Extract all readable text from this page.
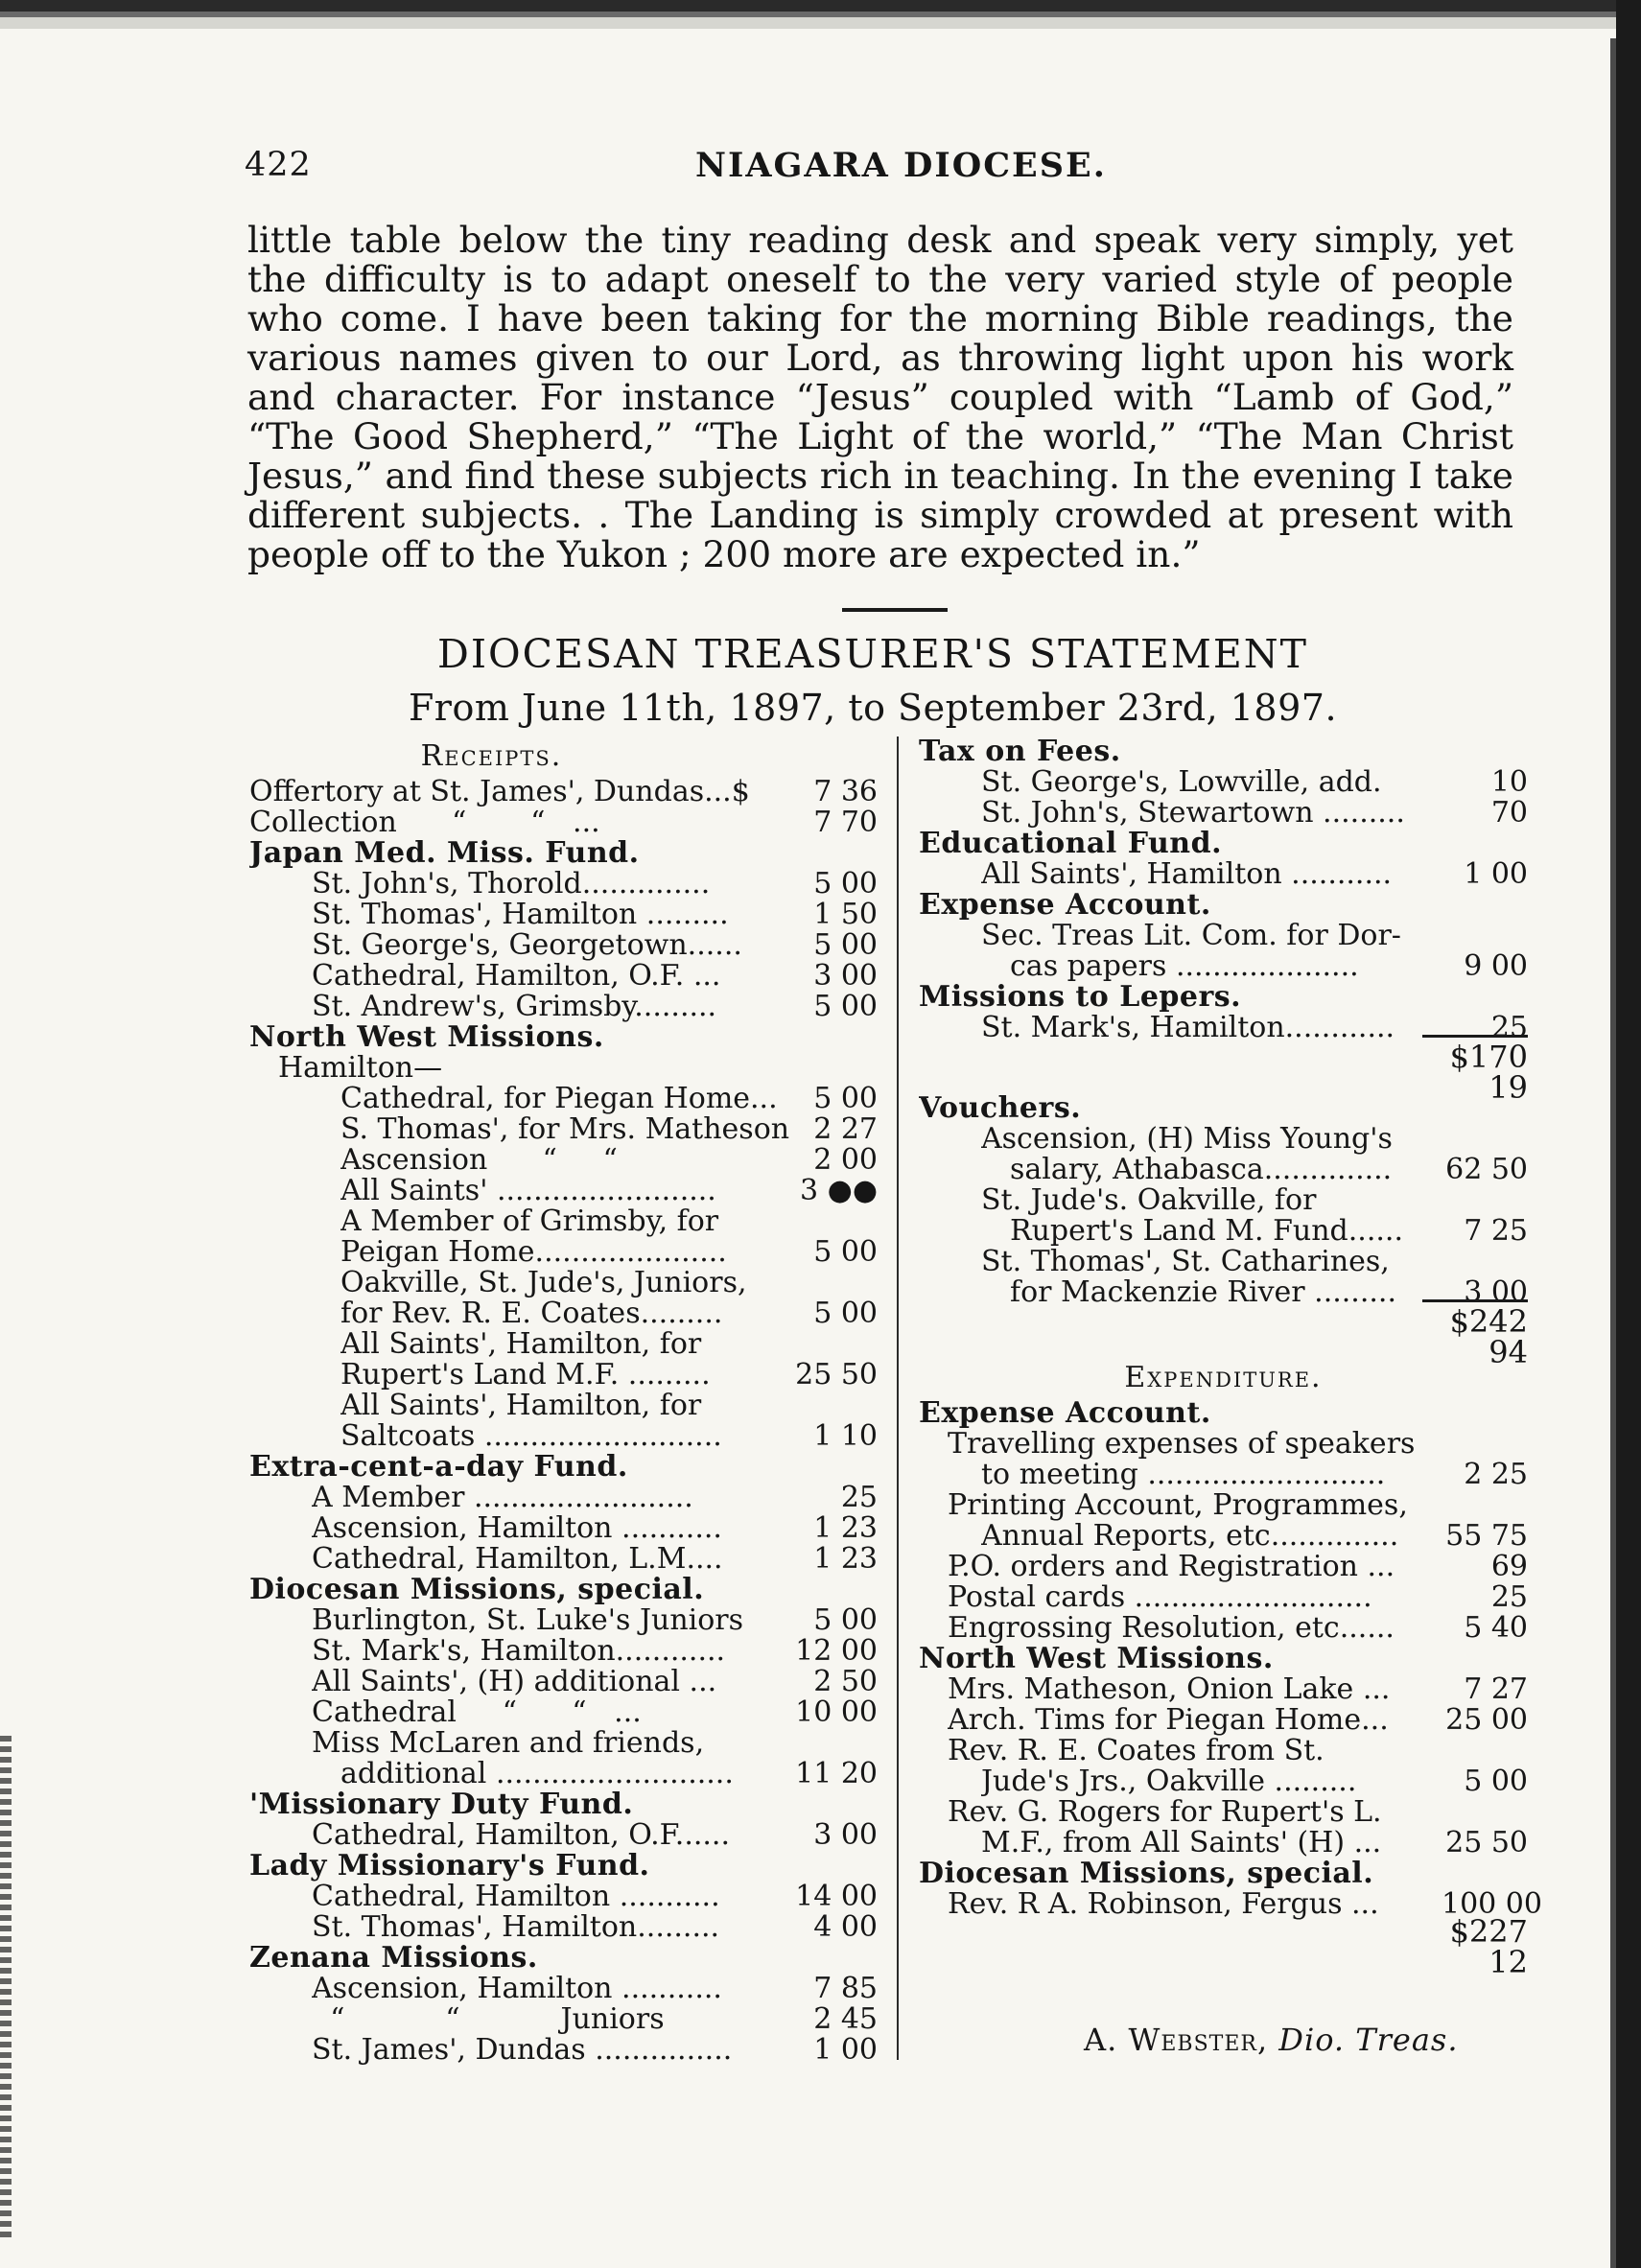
422	NIAGARA DIOCESE.
little table below the tiny reading desk and speak very simply, yet the difficulty is to adapt oneself to the very varied style of people who come. I have been taking for the morning Bible readings, the various names given to our Lord, as throwing light upon his work and character. For instance “Jesus” coupled with “Lamb of God,” “The Good Shepherd,” “The Light of the world,” “The Man Christ Jesus,” and find these subjects rich in teaching. In the evening I take different subjects. . The Landing is simply crowded at present with people off to the Yukon ; 200 more are expected in.”
DIOCESAN TREASURER'S STATEMENT
From June 11th, 1897, to September 23rd, 1897.
Receipts.
Offertory at St. James', Dundas...$	7 36
Collection      “       “   ...	7 70
Japan Med. Miss. Fund.
St. John's, Thorold..............	5 00
St. Thomas', Hamilton .........	1 50
St. George's, Georgetown......	5 00
Cathedral, Hamilton, O.F. ...	3 00
St. Andrew's, Grimsby.........	5 00
North West Missions.
Hamilton—
Cathedral, for Piegan Home...	5 00
S. Thomas', for Mrs. Matheson 2 27
Ascension      “     “	2 00
All Saints' ........................	3 ●●
A Member of Grimsby, for
Peigan Home.....................	5 00
Oakville, St. Jude's, Juniors,
for Rev. R. E. Coates.........	5 00
All Saints', Hamilton, for
Rupert's Land M.F. .........	25 50
All Saints', Hamilton, for
Saltcoats ..........................	1 10
Extra-cent-a-day Fund.
A Member ........................	25
Ascension, Hamilton ...........	1 23
Cathedral, Hamilton, L.M....	1 23
Diocesan Missions, special.
Burlington, St. Luke's Juniors	5 00
St. Mark's, Hamilton............	12 00
All Saints', (H) additional ...	2 50
Cathedral     “      “   ...	10 00
Miss McLaren and friends,
additional ..........................	11 20
'Missionary Duty Fund.
Cathedral, Hamilton, O.F......	3 00
Lady Missionary's Fund.
Cathedral, Hamilton ...........	14 00
St. Thomas', Hamilton.........	4 00
Zenana Missions.
Ascension, Hamilton ...........	7 85
“           “           Juniors	2 45
St. James', Dundas ...............	1 00
Tax on Fees.
St. George's, Lowville, add.	10
St. John's, Stewartown .........	70
Educational Fund.
All Saints', Hamilton ...........	1 00
Expense Account.
Sec. Treas Lit. Com. for Dor-
cas papers ....................	9 00
Missions to Lepers.
St. Mark's, Hamilton............	25
$170 19
Vouchers.
Ascension, (H) Miss Young's
salary, Athabasca..............	62 50
St. Jude's. Oakville, for
Rupert's Land M. Fund......	7 25
St. Thomas', St. Catharines,
for Mackenzie River .........	3 00
$242 94
Expenditure.
Expense Account.
Travelling expenses of speakers
to meeting ..........................	2 25
Printing Account, Programmes,
Annual Reports, etc..............	55 75
P.O. orders and Registration ...	69
Postal cards ..........................	25
Engrossing Resolution, etc......	5 40
North West Missions.
Mrs. Matheson, Onion Lake ...	7 27
Arch. Tims for Piegan Home...	25 00
Rev. R. E. Coates from St.
Jude's Jrs., Oakville .........	5 00
Rev. G. Rogers for Rupert's L.
M.F., from All Saints' (H) ...	25 50
Diocesan Missions, special.
Rev. R A. Robinson, Fergus ...	100 00
$227 12
A. Webster, Dio. Treas.
